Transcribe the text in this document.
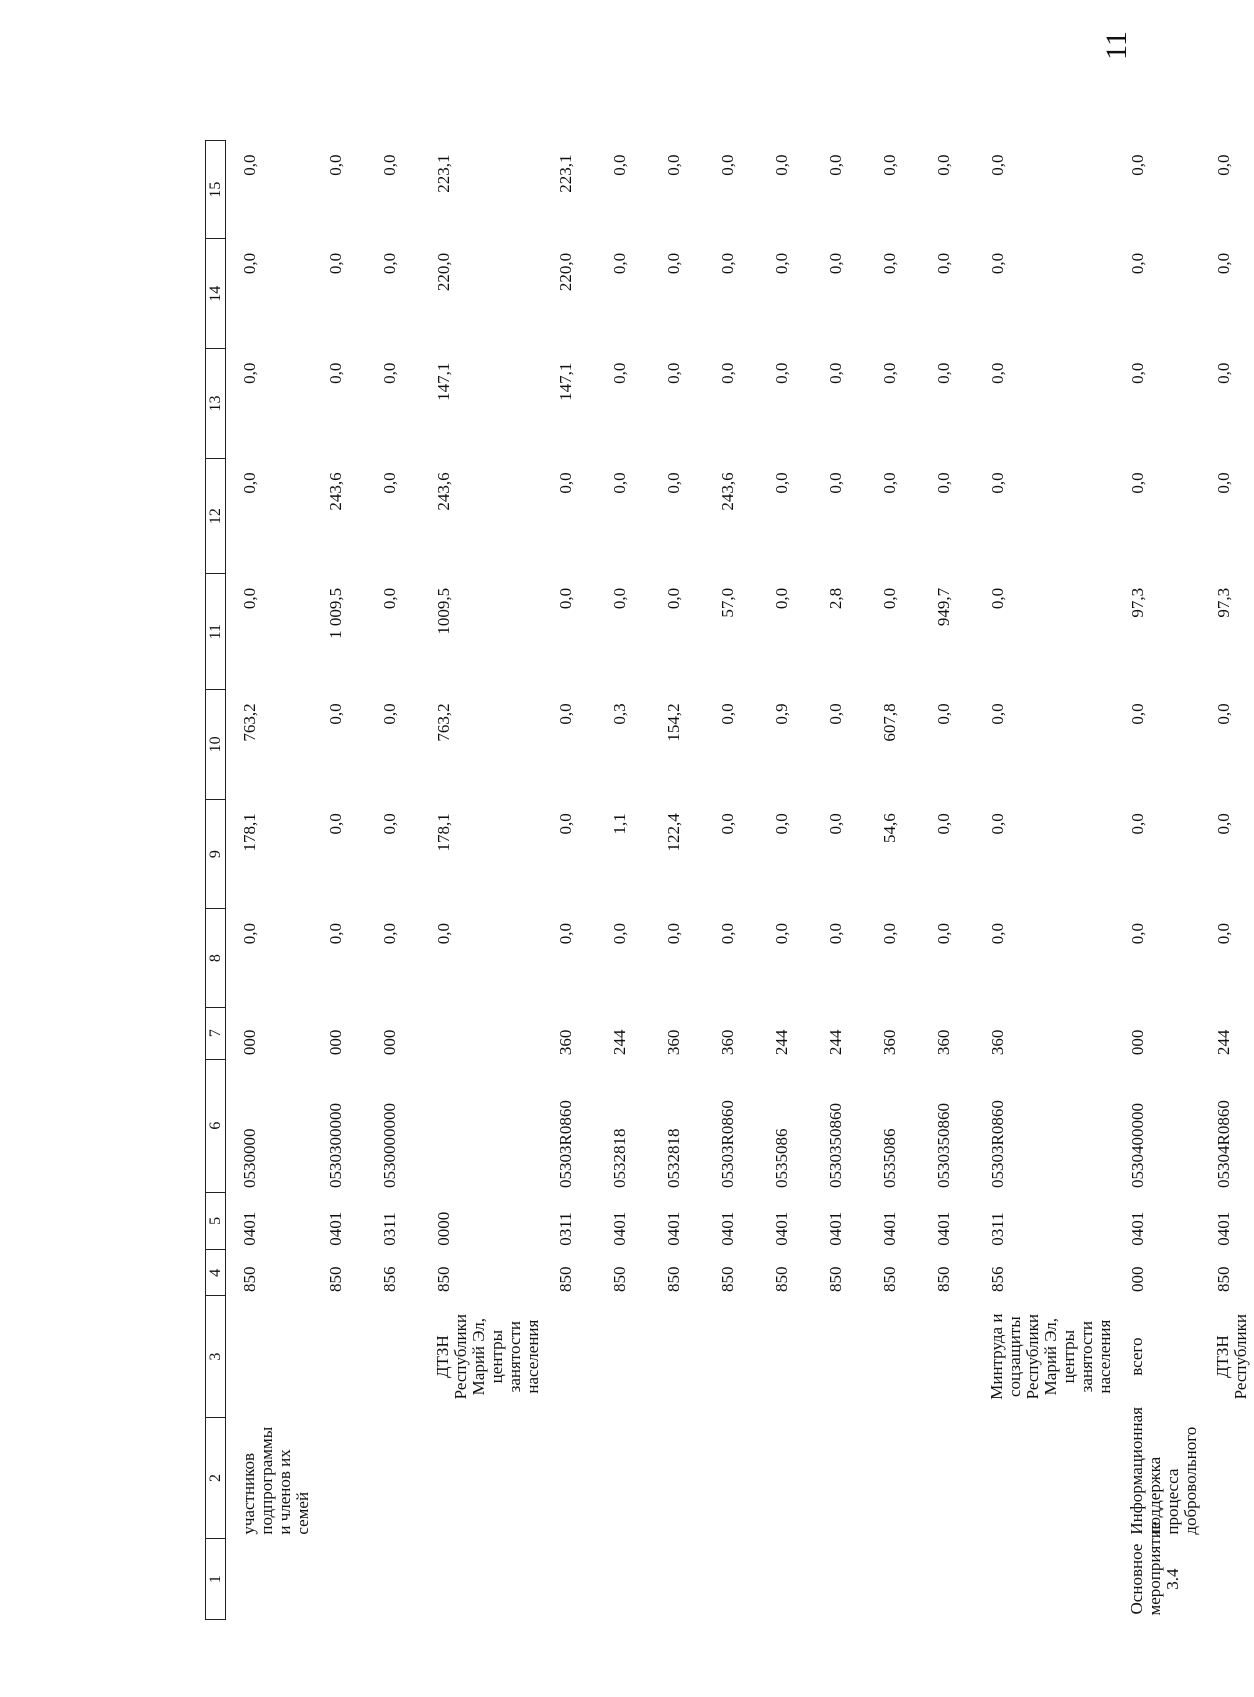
11
1	2	3	4	5	6	7	8	9	10	11	12	13	14	15
	участников подпрограммы и членов их семей		850	0401	0530000	000	0,0	178,1	763,2	0,0	0,0	0,0	0,0	0,0
			850	0401	0530300000	000	0,0	0,0	0,0	1 009,5	243,6	0,0	0,0	0,0
			856	0311	0530000000	000	0,0	0,0	0,0	0,0	0,0	0,0	0,0	0,0
		ДТЗН Республики Марий Эл, центры занятости населения	850	0000			0,0	178,1	763,2	1009,5	243,6	147,1	220,0	223,1
			850	0311	05303R0860	360	0,0	0,0	0,0	0,0	0,0	147,1	220,0	223,1
			850	0401	0532818	244	0,0	1,1	0,3	0,0	0,0	0,0	0,0	0,0
			850	0401	0532818	360	0,0	122,4	154,2	0,0	0,0	0,0	0,0	0,0
			850	0401	05303R0860	360	0,0	0,0	0,0	57,0	243,6	0,0	0,0	0,0
			850	0401	0535086	244	0,0	0,0	0,9	0,0	0,0	0,0	0,0	0,0
			850	0401	0530350860	244	0,0	0,0	0,0	2,8	0,0	0,0	0,0	0,0
			850	0401	0535086	360	0,0	54,6	607,8	0,0	0,0	0,0	0,0	0,0
			850	0401	0530350860	360	0,0	0,0	0,0	949,7	0,0	0,0	0,0	0,0
		Минтруда и соцзащиты Республики Марий Эл, центры занятости населения	856	0311	05303R0860	360	0,0	0,0	0,0	0,0	0,0	0,0	0,0	0,0
Основное мероприятие 3.4	Информационная поддержка процесса добровольного	всего	000	0401	0530400000	000	0,0	0,0	0,0	97,3	0,0	0,0	0,0	0,0
		ДТЗН Республики	850	0401	05304R0860	244	0,0	0,0	0,0	97,3	0,0	0,0	0,0	0,0
